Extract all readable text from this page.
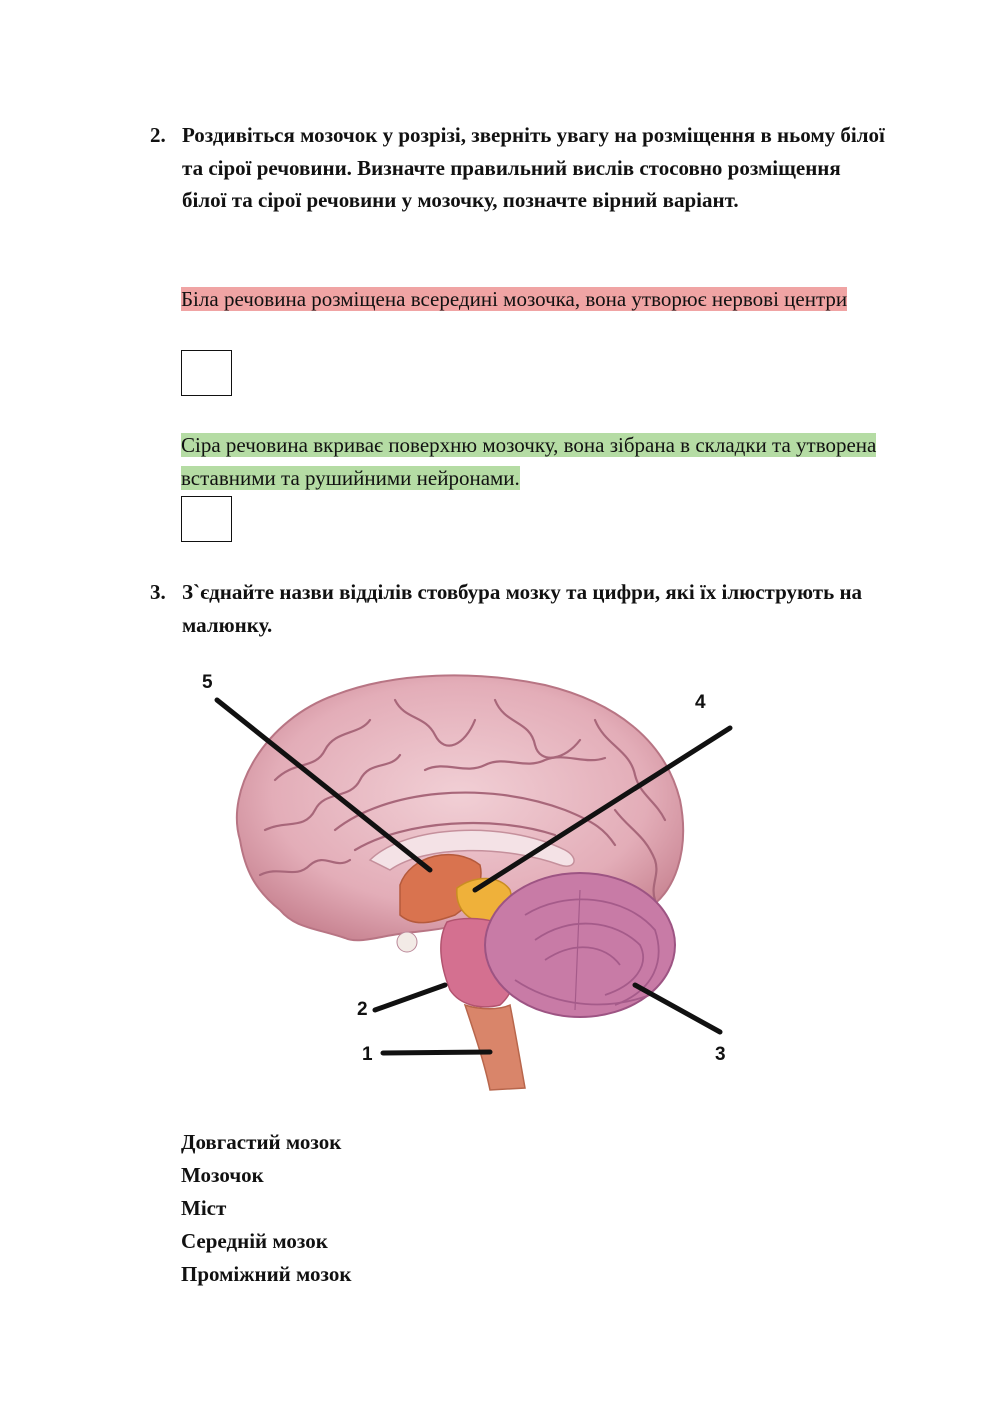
2. Роздивіться мозочок у розрізі, зверніть увагу на розміщення в ньому білої та сірої речовини. Визначте правильний вислів стосовно розміщення білої та сірої речовини у мозочку, позначте вірний варіант.
Біла речовина розміщена всередині мозочка, вона утворює нервові центри
Сіра речовина вкриває поверхню мозочку, вона зібрана в складки та утворена вставними та рушийними нейронами.
3. З`єднайте назви відділів стовбура мозку та цифри, які їх ілюструють на малюнку.
5
4
2
1	3
Довгастий мозок
Мозочок
Міст
Середній мозок
Проміжний мозок
